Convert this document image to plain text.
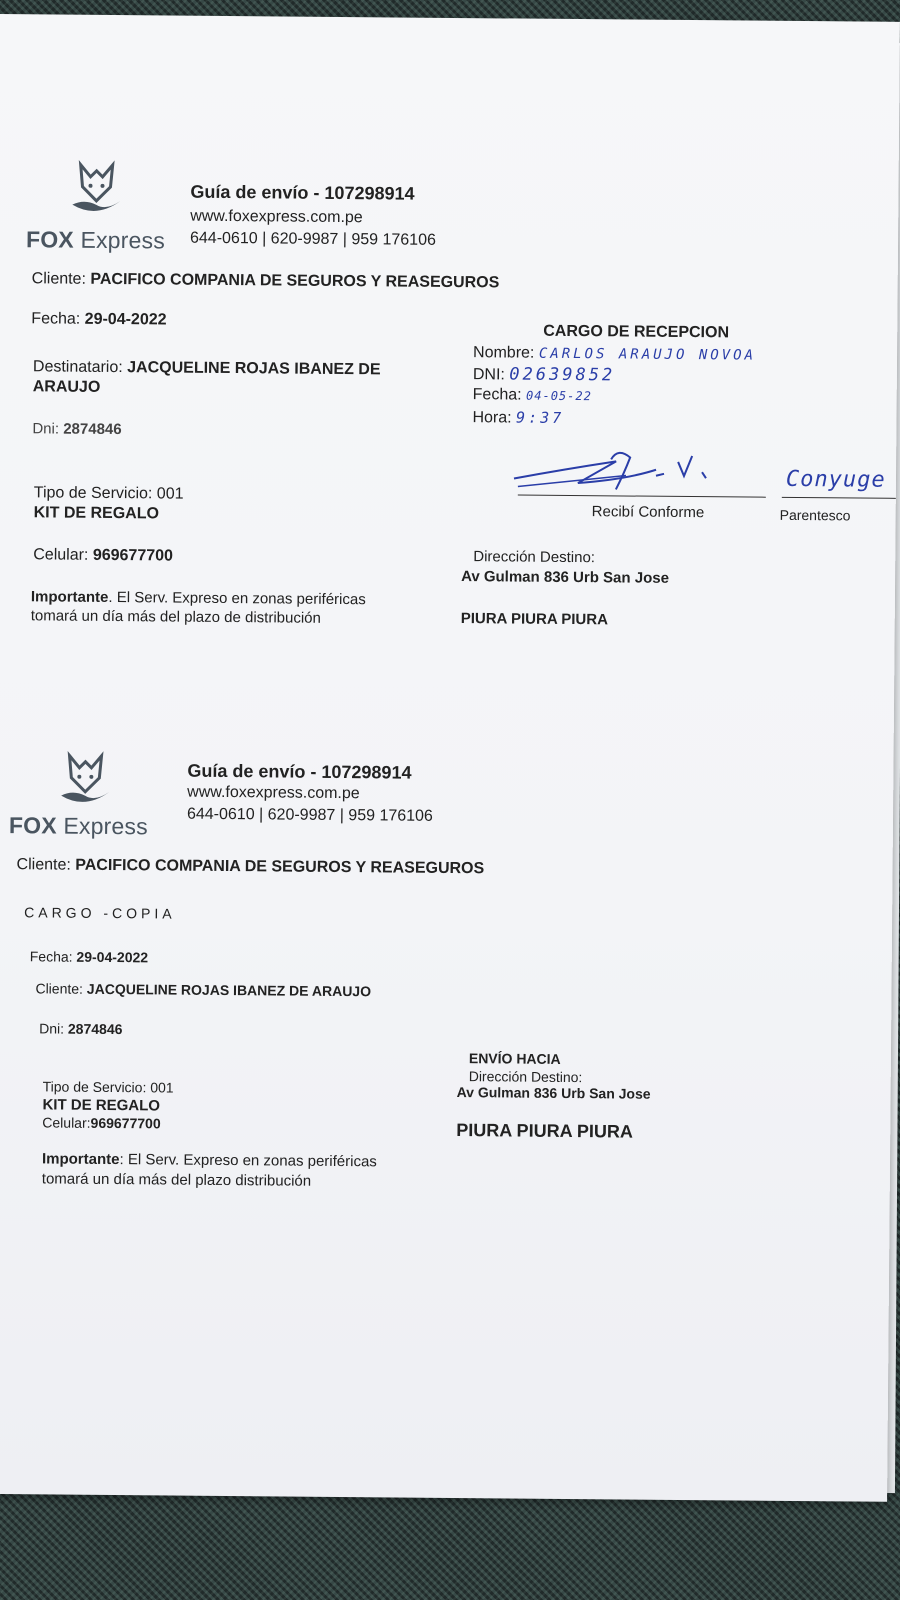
FOX Express
Guía de envío - 107298914
www.foxexpress.com.pe
644-0610 | 620-9987 | 959 176106
Cliente: PACIFICO COMPANIA DE SEGUROS Y REASEGUROS
Fecha: 29-04-2022
Destinatario: JACQUELINE ROJAS IBANEZ DE
ARAUJO
Dni: 2874846
Tipo de Servicio: 001
KIT DE REGALO
Celular: 969677700
Importante. El Serv. Expreso en zonas periféricas
tomará un día más del plazo de distribución
CARGO DE RECEPCION
Nombre: CARLOS ARAUJO NOVOA
DNI: 02639852
Fecha: 04-05-22
Hora: 9:37
Recibí Conforme
Conyuge
Parentesco
Dirección Destino:
Av Gulman 836 Urb San Jose
PIURA PIURA PIURA
FOX Express
Guía de envío - 107298914
www.foxexpress.com.pe
644-0610 | 620-9987 | 959 176106
Cliente: PACIFICO COMPANIA DE SEGUROS Y REASEGUROS
CARGO -COPIA
Fecha: 29-04-2022
Cliente: JACQUELINE ROJAS IBANEZ DE ARAUJO
Dni: 2874846
ENVÍO HACIA
Dirección Destino:
Av Gulman 836 Urb San Jose
PIURA PIURA PIURA
Tipo de Servicio: 001
KIT DE REGALO
Celular:969677700
Importante: El Serv. Expreso en zonas periféricas
tomará un día más del plazo distribución
